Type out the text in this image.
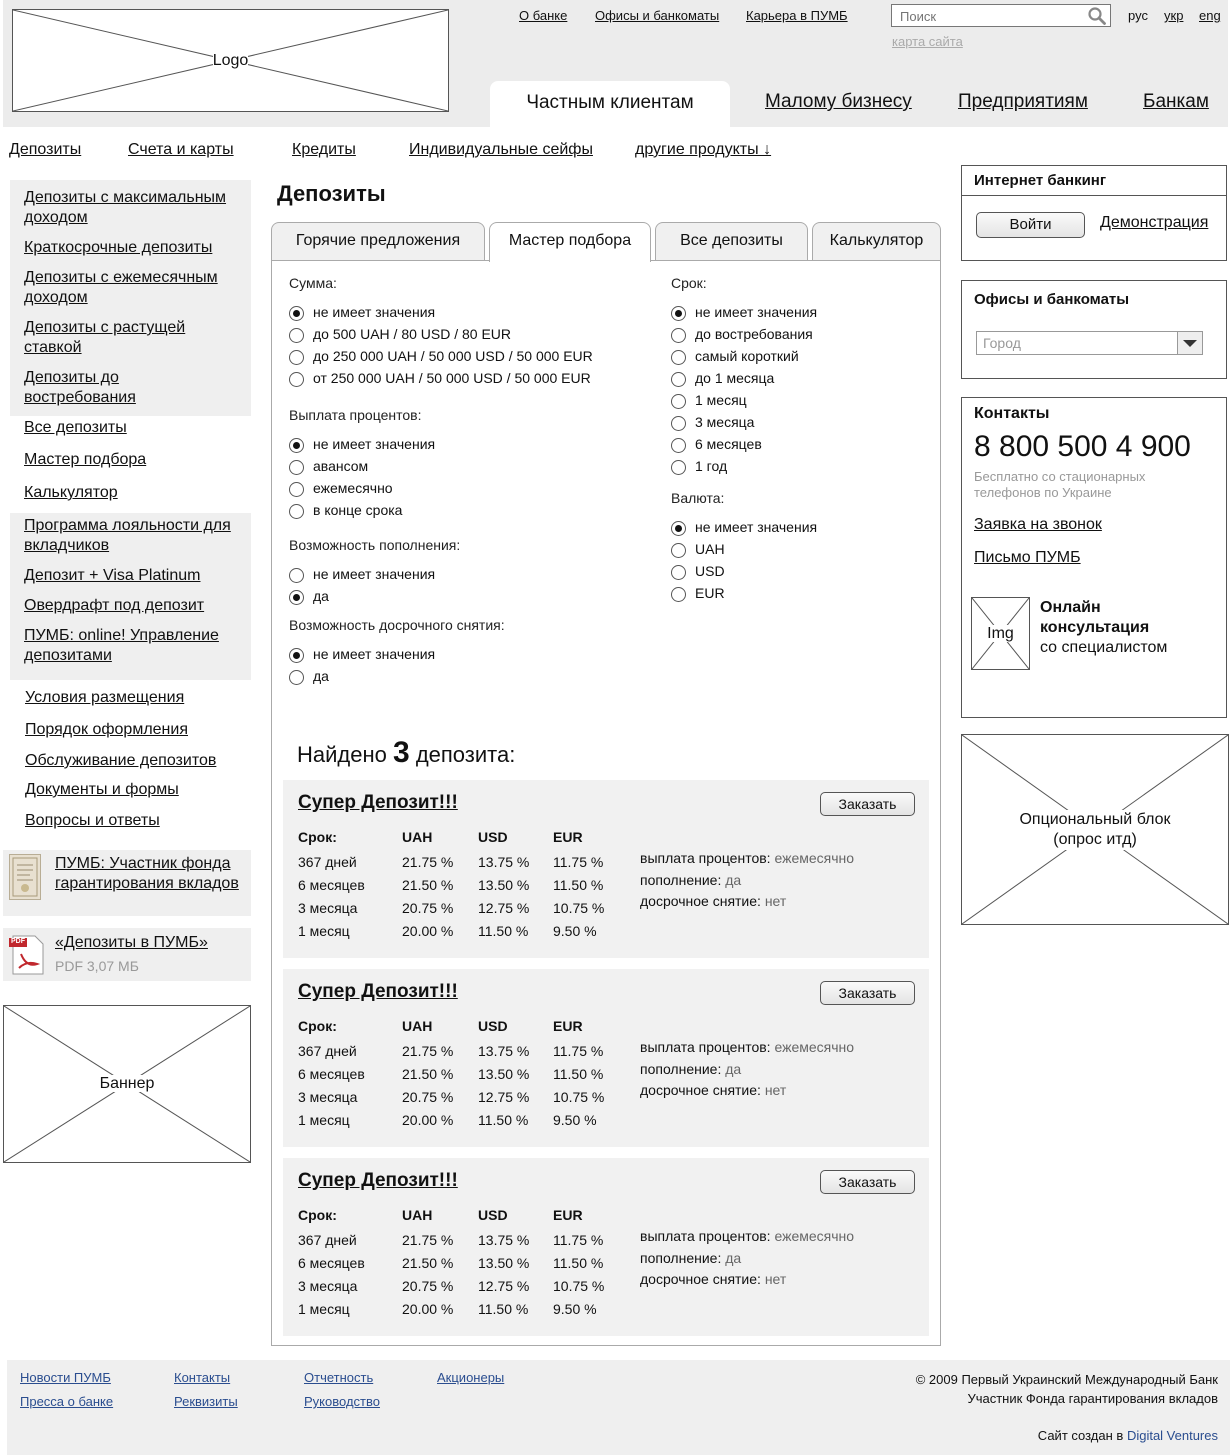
Logo
О банке Офисы и банкоматы Карьера в ПУМБ
Поиск	рус укр eng
карта сайта
Частным клиентам	Малому бизнесу Предприятиям	Банкам
Депозиты	Счета и карты	Кредиты	Индивидуальные сейфы	другие продукты ↓
Депозиты с максимальным доходом
Краткосрочные депозиты
Депозиты с ежемесячным доходом
Депозиты с растущей ставкой
Депозиты до востребования
Все депозиты
Мастер подбора
Калькулятор
Программа лояльности для вкладчиков
Депозит + Visa Platinum
Овердрафт под депозит
ПУМБ: online! Управление депозитами
Условия размещения
Порядок оформления
Обслуживание депозитов
Документы и формы
Вопросы и ответы
ПУМБ: Участник фонда гарантирования вкладов
PDF «Депозиты в ПУМБ»
PDF 3,07 МБ
Баннер
Депозиты
Горячие предложения	Мастер подбора	Все депозиты	Калькулятор
Сумма:
не имеет значения
до 500 UAH / 80 USD / 80 EUR
до 250 000 UAH / 50 000 USD / 50 000 EUR
от 250 000 UAH / 50 000 USD / 50 000 EUR
Выплата процентов:
не имеет значения
авансом
ежемесячно
в конце срока
Возможность пополнения:
не имеет значения
да
Возможность досрочного снятия:
не имеет значения
да
Срок:
не имеет значения
до востребования
самый короткий
до 1 месяца
1 месяц
3 месяца
6 месяцев
1 год
Валюта:
не имеет значения
UAH
USD
EUR
Найдено 3 депозита:
Супер Депозит!!!	Заказать
Срок:	UAH	USD	EUR
367 дней	21.75 %	13.75 %	11.75 %
6 месяцев	21.50 %	13.50 %	11.50 %
3 месяца	20.75 %	12.75 %	10.75 %
1 месяц	20.00 %	11.50 %	9.50 %
выплата процентов: ежемесячно
пополнение: да
досрочное снятие: нет
Супер Депозит!!!	Заказать
Срок:	UAH	USD	EUR
367 дней	21.75 %	13.75 %	11.75 %
6 месяцев	21.50 %	13.50 %	11.50 %
3 месяца	20.75 %	12.75 %	10.75 %
1 месяц	20.00 %	11.50 %	9.50 %
выплата процентов: ежемесячно
пополнение: да
досрочное снятие: нет
Супер Депозит!!!	Заказать
Срок:	UAH	USD	EUR
367 дней	21.75 %	13.75 %	11.75 %
6 месяцев	21.50 %	13.50 %	11.50 %
3 месяца	20.75 %	12.75 %	10.75 %
1 месяц	20.00 %	11.50 %	9.50 %
выплата процентов: ежемесячно
пополнение: да
досрочное снятие: нет
Интернет банкинг
Войти	Демонстрация
Офисы и банкоматы
Город
Контакты
8 800 500 4 900
Бесплатно со стационарных телефонов по Украине
Заявка на звонок
Письмо ПУМБ
Img
Онлайн консультация
со специалистом
Опциональный блок (опрос итд)
Новости ПУМБ
Пресса о банке
Контакты
Реквизиты
Отчетность
Руководство
Акционеры	© 2009 Первый Украинский Международный Банк
Участник Фонда гарантирования вкладов
Сайт создан в Digital Ventures
